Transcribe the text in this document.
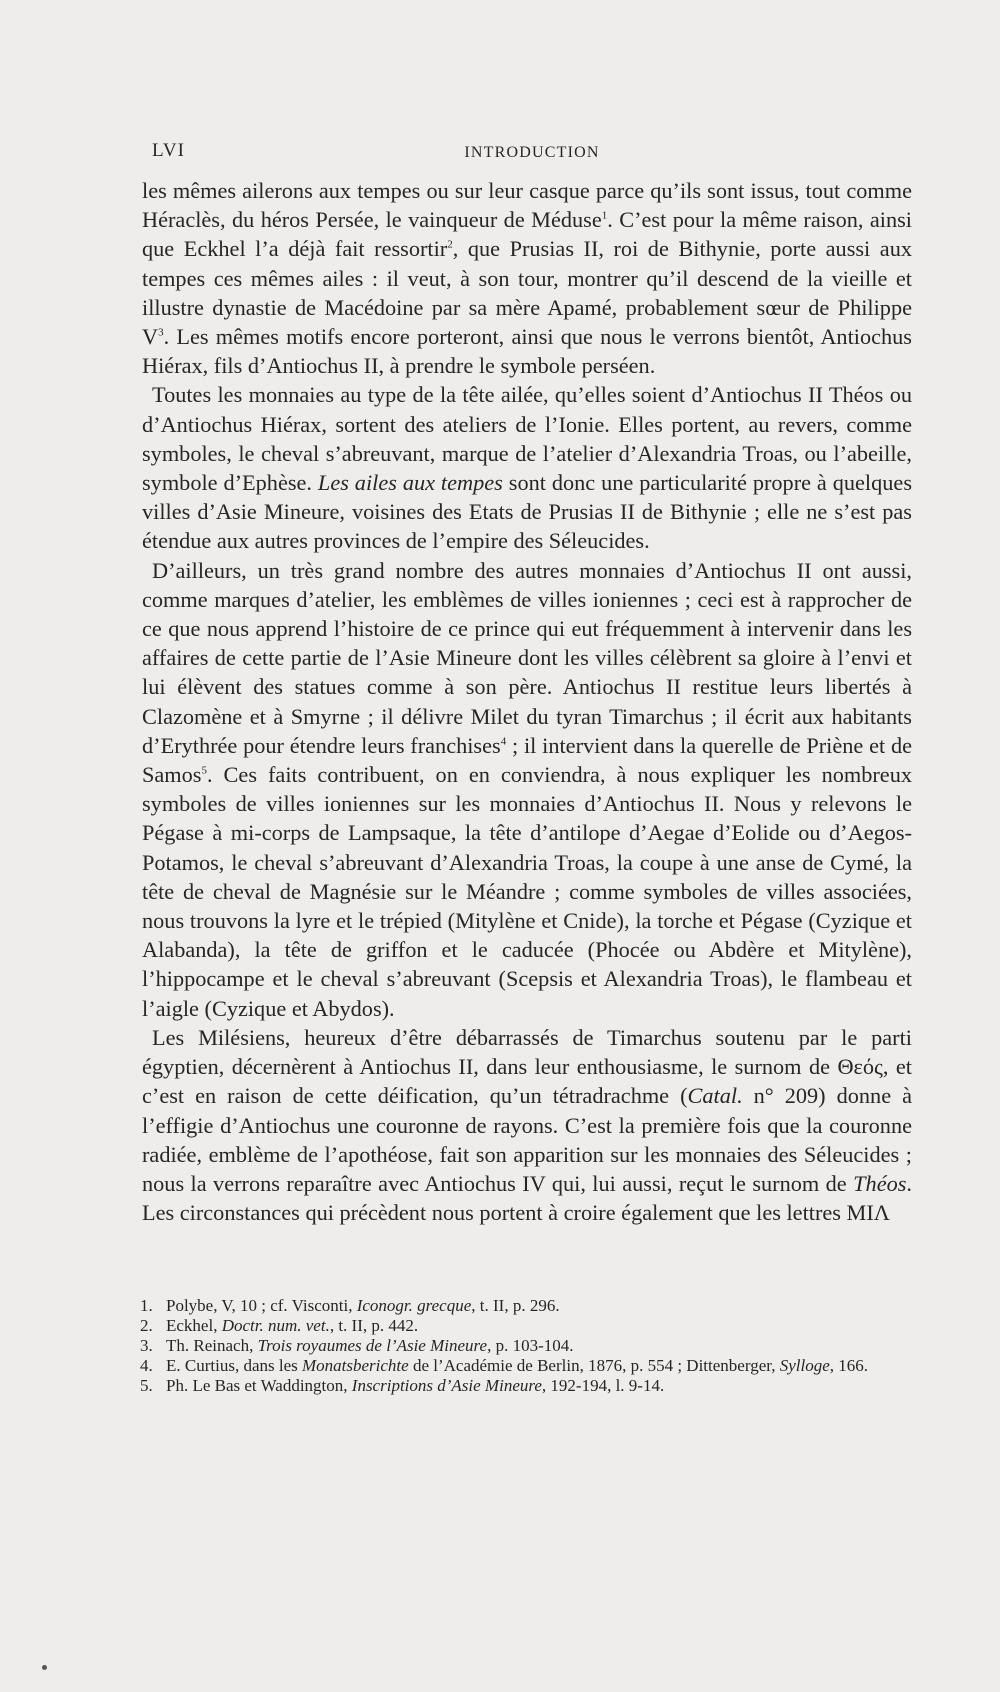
LVI	INTRODUCTION

les mêmes ailerons aux tempes ou sur leur casque parce qu’ils sont issus, tout comme Héraclès, du héros Persée, le vainqueur de Méduse$^1$. C’est pour la même raison, ainsi que Eckhel l’a déjà fait ressortir$^2$, que Prusias II, roi de Bithynie, porte aussi aux tempes ces mêmes ailes : il veut, à son tour, montrer qu’il descend de la vieille et illustre dynastie de Macédoine par sa mère Apamé, probablement sœur de Philippe $V^3$. Les mêmes motifs encore porteront, ainsi que nous le verrons bientôt, Antiochus Hiérax, fils d’Antiochus II, à prendre le symbole perséen.

Toutes les monnaies au type de la tête ailée, qu’elles soient d’Antiochus II Théos ou d’Antiochus Hiérax, sortent des ateliers de l’Ionie. Elles portent, au revers, comme symboles, le cheval s’abreuvant, marque de l’atelier d’Alexandria Troas, ou l’abeille, symbole d’Ephèse. Les ailes aux tempes sont donc une particularité propre à quelques villes d’Asie Mineure, voisines des Etats de Prusias II de Bithynie ; elle ne s’est pas étendue aux autres provinces de l’empire des Séleucides.

D’ailleurs, un très grand nombre des autres monnaies d’Antiochus II ont aussi, comme marques d’atelier, les emblèmes de villes ioniennes ; ceci est à rapprocher de ce que nous apprend l’histoire de ce prince qui eut fréquemment à intervenir dans les affaires de cette partie de l’Asie Mineure dont les villes célèbrent sa gloire à l’envi et lui élèvent des statues comme à son père. Antiochus II restitue leurs libertés à Clazomène et à Smyrne ; il délivre Milet du tyran Timarchus ; il écrit aux habitants d’Erythrée pour étendre leurs franchises$^4$ ; il intervient dans la querelle de Priène et de Samos$^5$. Ces faits contribuent, on en conviendra, à nous expliquer les nombreux symboles de villes ioniennes sur les monnaies d’Antiochus II. Nous y relevons le Pégase à mi-corps de Lampsaque, la tête d’antilope d’Aegae d’Eolide ou d’Aegos-Potamos, le cheval s’abreuvant d’Alexandria Troas, la coupe à une anse de Cymé, la tête de cheval de Magnésie sur le Méandre ; comme symboles de villes associées, nous trouvons la lyre et le trépied (Mitylène et Cnide), la torche et Pégase (Cyzique et Alabanda), la tête de griffon et le caducée (Phocée ou Abdère et Mitylène), l’hippocampe et le cheval s’abreuvant (Scepsis et Alexandria Troas), le flambeau et l’aigle (Cyzique et Abydos).

Les Milésiens, heureux d’être débarrassés de Timarchus soutenu par le parti égyptien, décernèrent à Antiochus II, dans leur enthousiasme, le surnom de Θεός, et c’est en raison de cette déification, qu’un tétradrachme (Catal. n° 209) donne à l’effigie d’Antiochus une couronne de rayons. C’est la première fois que la couronne radiée, emblème de l’apothéose, fait son apparition sur les monnaies des Séleucides ; nous la verrons reparaître avec Antiochus IV qui, lui aussi, reçut le surnom de Théos. Les circonstances qui précèdent nous portent à croire également que les lettres MIΛ

1. Polybe, V, 10 ; cf. Visconti, Iconogr. grecque, t. II, p. 296.

2. Eckhel, Doctr. num. vet., t. II, p. 442.

3. Th. Reinach, Trois royaumes de l’Asie Mineure, p. 103-104.

4. E. Curtius, dans les Monatsberichte de l’Académie de Berlin, 1876, p. 554 ; Dittenberger, Sylloge, 166.

5. Ph. Le Bas et Waddington, Inscriptions d’Asie Mineure, 192-194, l. 9-14.
